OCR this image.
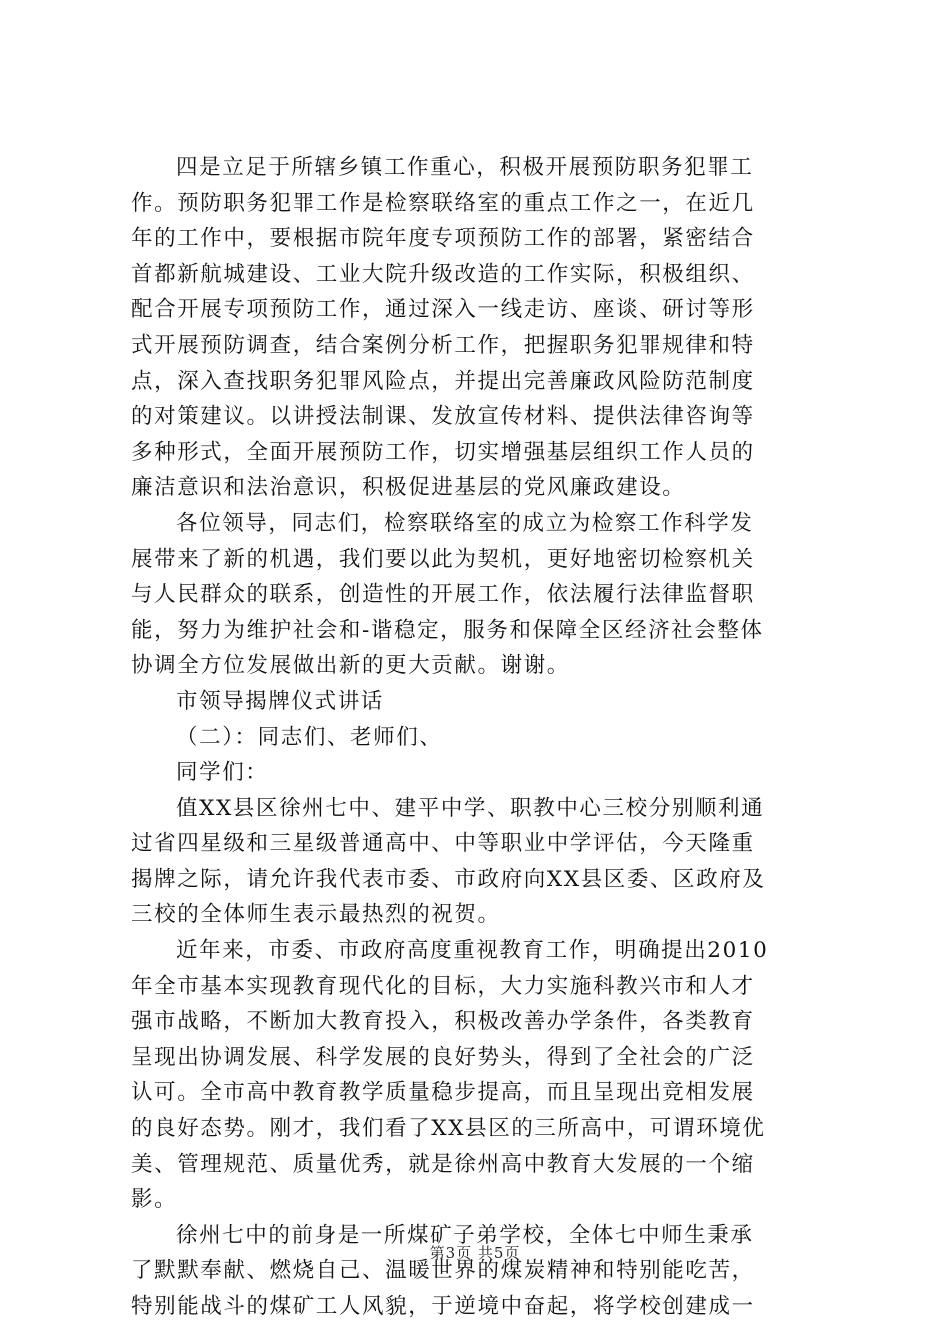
四是立足于所辖乡镇工作重心，积极开展预防职务犯罪工
作。预防职务犯罪工作是检察联络室的重点工作之一，在近几
年的工作中，要根据市院年度专项预防工作的部署，紧密结合
首都新航城建设、工业大院升级改造的工作实际，积极组织、
配合开展专项预防工作，通过深入一线走访、座谈、研讨等形
式开展预防调查，结合案例分析工作，把握职务犯罪规律和特
点，深入查找职务犯罪风险点，并提出完善廉政风险防范制度
的对策建议。以讲授法制课、发放宣传材料、提供法律咨询等
多种形式，全面开展预防工作，切实增强基层组织工作人员的
廉洁意识和法治意识，积极促进基层的党风廉政建设。
各位领导，同志们，检察联络室的成立为检察工作科学发
展带来了新的机遇，我们要以此为契机，更好地密切检察机关
与人民群众的联系，创造性的开展工作，依法履行法律监督职
能，努力为维护社会和-谐稳定，服务和保障全区经济社会整体
协调全方位发展做出新的更大贡献。谢谢。
市领导揭牌仪式讲话
（二）：同志们、老师们、
同学们：
值XX县区徐州七中、建平中学、职教中心三校分别顺利通
过省四星级和三星级普通高中、中等职业中学评估，今天隆重
揭牌之际，请允许我代表市委、市政府向XX县区委、区政府及
三校的全体师生表示最热烈的祝贺。
近年来，市委、市政府高度重视教育工作，明确提出2010
年全市基本实现教育现代化的目标，大力实施科教兴市和人才
强市战略，不断加大教育投入，积极改善办学条件，各类教育
呈现出协调发展、科学发展的良好势头，得到了全社会的广泛
认可。全市高中教育教学质量稳步提高，而且呈现出竞相发展
的良好态势。刚才，我们看了XX县区的三所高中，可谓环境优
美、管理规范、质量优秀，就是徐州高中教育大发展的一个缩
影。
徐州七中的前身是一所煤矿子弟学校，全体七中师生秉承
了默默奉献、燃烧自己、温暖世界的煤炭精神和特别能吃苦，
特别能战斗的煤矿工人风貌，于逆境中奋起，将学校创建成一
第3页 共5页
